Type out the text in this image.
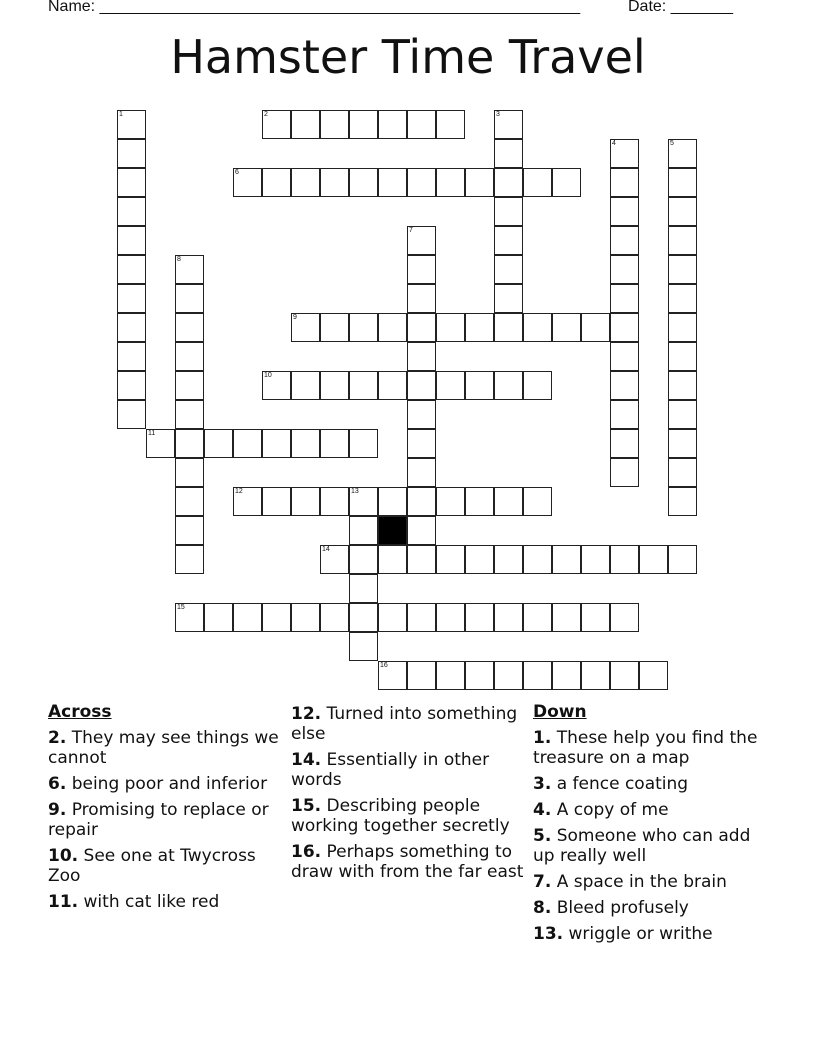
Name: ______________________________________________________	Date: _______
Hamster Time Travel
1	2	3
4	5
6
7
8
9
10
11
12	13
14
15
16
Across
2. They may see things we cannot
6. being poor and inferior
9. Promising to replace or repair
10. See one at Twycross Zoo
11. with cat like red
12. Turned into something else
14. Essentially in other words
15. Describing people working together secretly
16. Perhaps something to draw with from the far east
Down
1. These help you find the treasure on a map
3. a fence coating
4. A copy of me
5. Someone who can add up really well
7. A space in the brain
8. Bleed profusely
13. wriggle or writhe
